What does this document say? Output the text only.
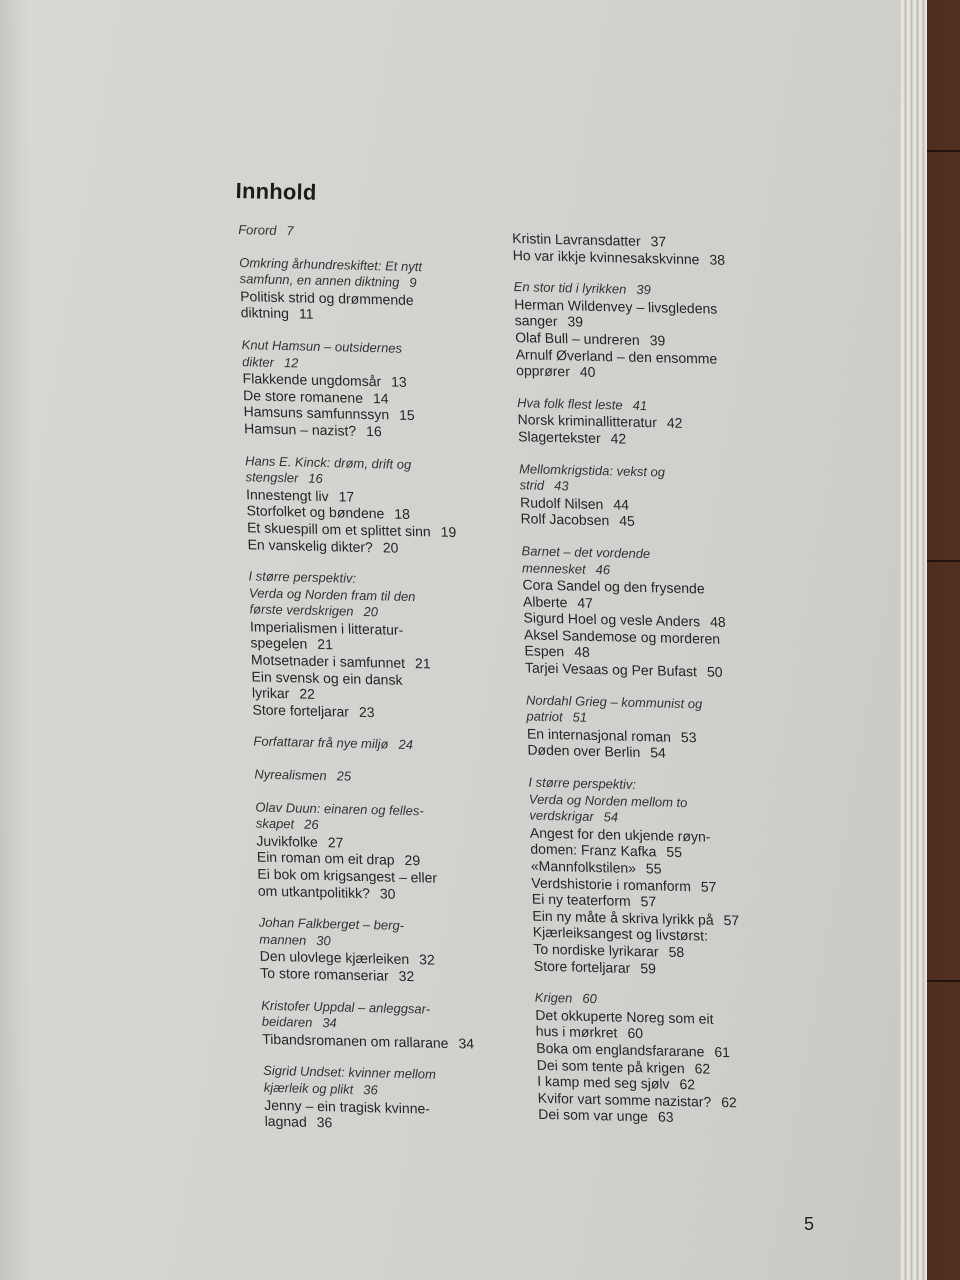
Innhold
Forord 7
Omkring århundreskiftet: Et nytt
samfunn, en annen diktning 9
Politisk strid og drømmende
diktning 11
Knut Hamsun – outsidernes
dikter 12
Flakkende ungdomsår 13
De store romanene 14
Hamsuns samfunnssyn 15
Hamsun – nazist? 16
Hans E. Kinck: drøm, drift og
stengsler 16
Innestengt liv 17
Storfolket og bøndene 18
Et skuespill om et splittet sinn 19
En vanskelig dikter? 20
I større perspektiv:
Verda og Norden fram til den
første verdskrigen 20
Imperialismen i litteratur-
spegelen 21
Motsetnader i samfunnet 21
Ein svensk og ein dansk
lyrikar 22
Store forteljarar 23
Forfattarar frå nye miljø 24
Nyrealismen 25
Olav Duun: einaren og felles-
skapet 26
Juvikfolke 27
Ein roman om eit drap 29
Ei bok om krigsangest – eller
om utkantpolitikk? 30
Johan Falkberget – berg-
mannen 30
Den ulovlege kjærleiken 32
To store romanseriar 32
Kristofer Uppdal – anleggsar-
beidaren 34
Tibandsromanen om rallarane 34
Sigrid Undset: kvinner mellom
kjærleik og plikt 36
Jenny – ein tragisk kvinne-
lagnad 36
Kristin Lavransdatter 37
Ho var ikkje kvinnesakskvinne 38
En stor tid i lyrikken 39
Herman Wildenvey – livsgledens
sanger 39
Olaf Bull – undreren 39
Arnulf Øverland – den ensomme
opprører 40
Hva folk flest leste 41
Norsk kriminallitteratur 42
Slagertekster 42
Mellomkrigstida: vekst og
strid 43
Rudolf Nilsen 44
Rolf Jacobsen 45
Barnet – det vordende
mennesket 46
Cora Sandel og den frysende
Alberte 47
Sigurd Hoel og vesle Anders 48
Aksel Sandemose og morderen
Espen 48
Tarjei Vesaas og Per Bufast 50
Nordahl Grieg – kommunist og
patriot 51
En internasjonal roman 53
Døden over Berlin 54
I større perspektiv:
Verda og Norden mellom to
verdskrigar 54
Angest for den ukjende røyn-
domen: Franz Kafka 55
«Mannfolkstilen» 55
Verdshistorie i romanform 57
Ei ny teaterform 57
Ein ny måte å skriva lyrikk på 57
Kjærleiksangest og livstørst:
To nordiske lyrikarar 58
Store forteljarar 59
Krigen 60
Det okkuperte Noreg som eit
hus i mørkret 60
Boka om englandsfararane 61
Dei som tente på krigen 62
I kamp med seg sjølv 62
Kvifor vart somme nazistar? 62
Dei som var unge 63
5
